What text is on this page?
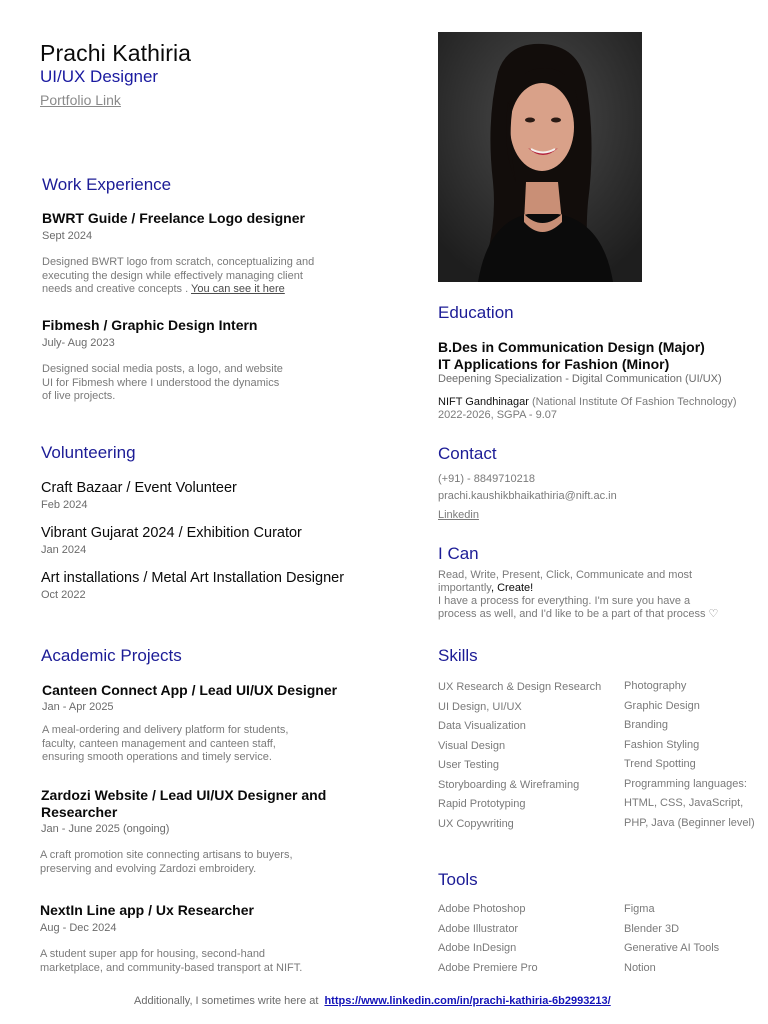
Prachi Kathiria
UI/UX Designer
Portfolio Link
Work Experience
BWRT Guide / Freelance Logo designer
Sept 2024
Designed BWRT logo from scratch, conceptualizing and executing the design while effectively managing client needs and creative concepts . You can see it here
Fibmesh / Graphic Design Intern
July- Aug 2023
Designed social media posts, a logo, and website
UI for Fibmesh where I understood the dynamics
of live projects.
Volunteering
Craft Bazaar / Event Volunteer
Feb 2024
Vibrant Gujarat 2024 / Exhibition Curator
Jan 2024
Art installations / Metal Art Installation Designer
Oct 2022
Academic Projects
Canteen Connect App / Lead UI/UX Designer
Jan - Apr 2025
A meal-ordering and delivery platform for students,
faculty, canteen management and canteen staff,
ensuring smooth operations and timely service.
Zardozi Website / Lead UI/UX Designer and
Researcher
Jan - June 2025 (ongoing)
A craft promotion site connecting artisans to buyers,
preserving and evolving Zardozi embroidery.
NextIn Line app / Ux Researcher
Aug - Dec 2024
A student super app for housing, second-hand
marketplace, and community-based transport at NIFT.
Education
B.Des in Communication Design (Major)
IT Applications for Fashion (Minor)
Deepening Specialization - Digital Communication (UI/UX)
NIFT Gandhinagar (National Institute Of Fashion Technology)
2022-2026, SGPA - 9.07
Contact
(+91) - 8849710218
prachi.kaushikbhaikathiria@nift.ac.in
Linkedin
I Can
Read, Write, Present, Click, Communicate and most
importantly, Create!
I have a process for everything. I'm sure you have a
process as well, and I'd like to be a part of that process ♡
Skills
UX Research & Design Research
UI Design, UI/UX
Data Visualization
Visual Design
User Testing
Storyboarding & Wireframing
Rapid Prototyping
UX Copywriting
Photography
Graphic Design
Branding
Fashion Styling
Trend Spotting
Programming languages:
HTML, CSS, JavaScript,
PHP, Java (Beginner level)
Tools
Adobe Photoshop
Adobe Illustrator
Adobe InDesign
Adobe Premiere Pro
Figma
Blender 3D
Generative AI Tools
Notion
Additionally, I sometimes write here at https://www.linkedin.com/in/prachi-kathiria-6b2993213/
